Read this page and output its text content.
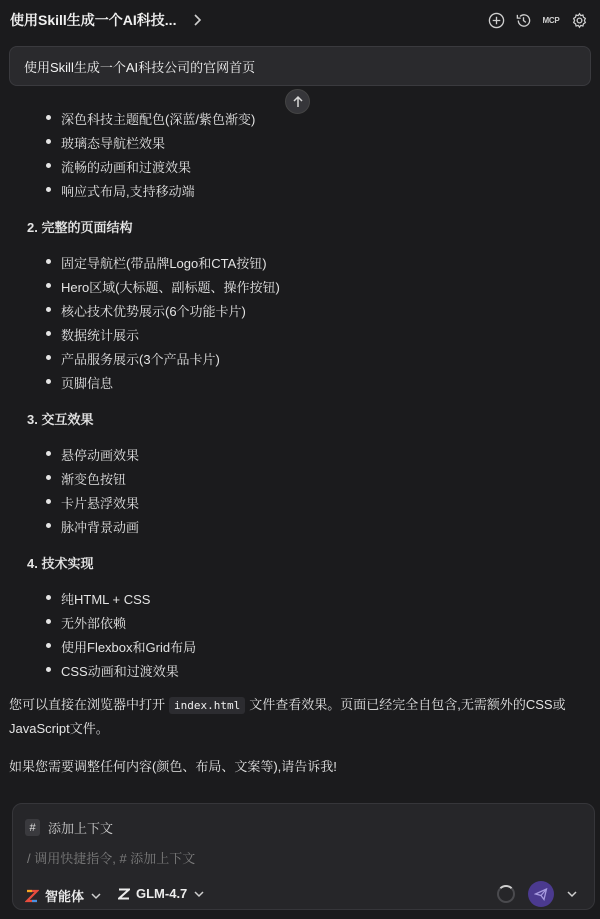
使用Skill生成一个AI科技...	MCP
使用Skill生成一个AI科技公司的官网首页
深色科技主题配色(深蓝/紫色渐变)
玻璃态导航栏效果
流畅的动画和过渡效果
响应式布局,支持移动端
2. 完整的页面结构
固定导航栏(带品牌Logo和CTA按钮)
Hero区域(大标题、副标题、操作按钮)
核心技术优势展示(6个功能卡片)
数据统计展示
产品服务展示(3个产品卡片)
页脚信息
3. 交互效果
悬停动画效果
渐变色按钮
卡片悬浮效果
脉冲背景动画
4. 技术实现
纯HTML + CSS
无外部依赖
使用Flexbox和Grid布局
CSS动画和过渡效果
您可以直接在浏览器中打开 index.html 文件查看效果。页面已经完全自包含,无需额外的CSS或JavaScript文件。
如果您需要调整任何内容(颜色、布局、文案等),请告诉我!
# 添加上下文
/ 调用快捷指令, # 添加上下文
智能体	GLM-4.7
